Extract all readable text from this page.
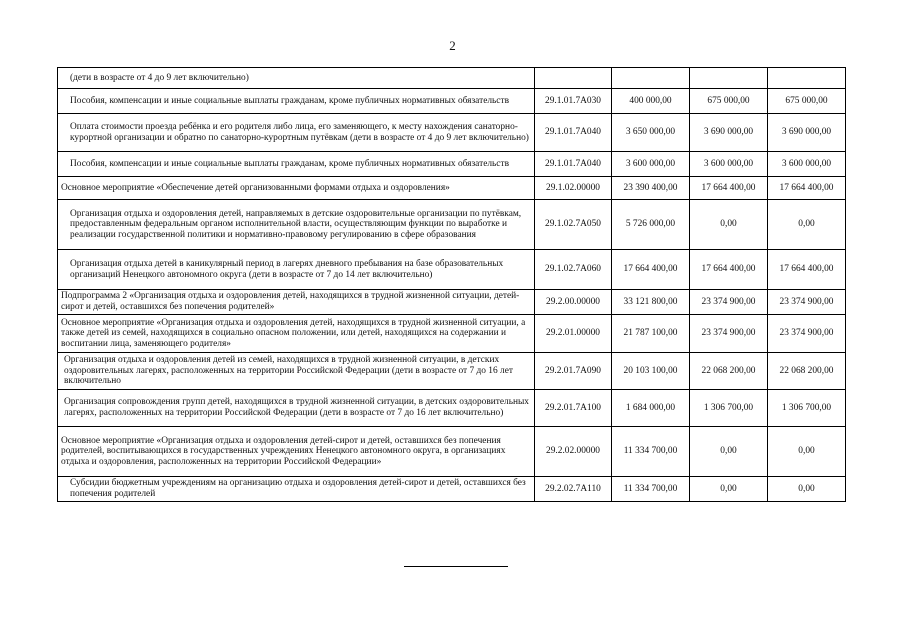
2
(дети в возрасте от 4 до 9 лет включительно)				
Пособия, компенсации и иные социальные выплаты гражданам, кроме публичных нормативных обязательств	29.1.01.7А030	400 000,00	675 000,00	675 000,00
Оплата стоимости проезда ребёнка и его родителя либо лица, его заменяющего, к месту нахождения санаторно-курортной организации и обратно по санаторно-курортным путёвкам (дети в возрасте от 4 до 9 лет включительно)	29.1.01.7А040	3 650 000,00	3 690 000,00	3 690 000,00
Пособия, компенсации и иные социальные выплаты гражданам, кроме публичных нормативных обязательств	29.1.01.7А040	3 600 000,00	3 600 000,00	3 600 000,00
Основное мероприятие «Обеспечение детей организованными формами отдыха и оздоровления»	29.1.02.00000	23 390 400,00	17 664 400,00	17 664 400,00
Организация отдыха и оздоровления детей, направляемых в детские оздоровительные организации по путёвкам, предоставленным федеральным органом исполнительной власти, осуществляющим функции по выработке и реализации государственной политики и нормативно-правовому регулированию в сфере образования	29.1.02.7А050	5 726 000,00	0,00	0,00
Организация отдыха детей в каникулярный период в лагерях дневного пребывания на базе образовательных организаций Ненецкого автономного округа (дети в возрасте от 7 до 14 лет включительно)	29.1.02.7А060	17 664 400,00	17 664 400,00	17 664 400,00
Подпрограмма 2 «Организация отдыха и оздоровления детей, находящихся в трудной жизненной ситуации, детей-сирот и детей, оставшихся без попечения родителей»	29.2.00.00000	33 121 800,00	23 374 900,00	23 374 900,00
Основное мероприятие «Организация отдыха и оздоровления детей, находящихся в трудной жизненной ситуации, а также детей из семей, находящихся в социально опасном положении, или детей, находящихся на содержании и воспитании лица, заменяющего родителя»	29.2.01.00000	21 787 100,00	23 374 900,00	23 374 900,00
Организация отдыха и оздоровления детей из семей, находящихся в трудной жизненной ситуации, в детских оздоровительных лагерях, расположенных на территории Российской Федерации (дети в возрасте от 7 до 16 лет включительно	29.2.01.7А090	20 103 100,00	22 068 200,00	22 068 200,00
Организация сопровождения групп детей, находящихся в трудной жизненной ситуации, в детских оздоровительных лагерях, расположенных на территории Российской Федерации (дети в возрасте от 7 до 16 лет включительно)	29.2.01.7А100	1 684 000,00	1 306 700,00	1 306 700,00
Основное мероприятие «Организация отдыха и оздоровления детей-сирот и детей, оставшихся без попечения родителей, воспитывающихся в государственных учреждениях Ненецкого автономного округа, в организациях отдыха и оздоровления, расположенных на территории Российской Федерации»	29.2.02.00000	11 334 700,00	0,00	0,00
Субсидии бюджетным учреждениям на организацию отдыха и оздоровления детей-сирот и детей, оставшихся без попечения родителей	29.2.02.7А110	11 334 700,00	0,00	0,00
